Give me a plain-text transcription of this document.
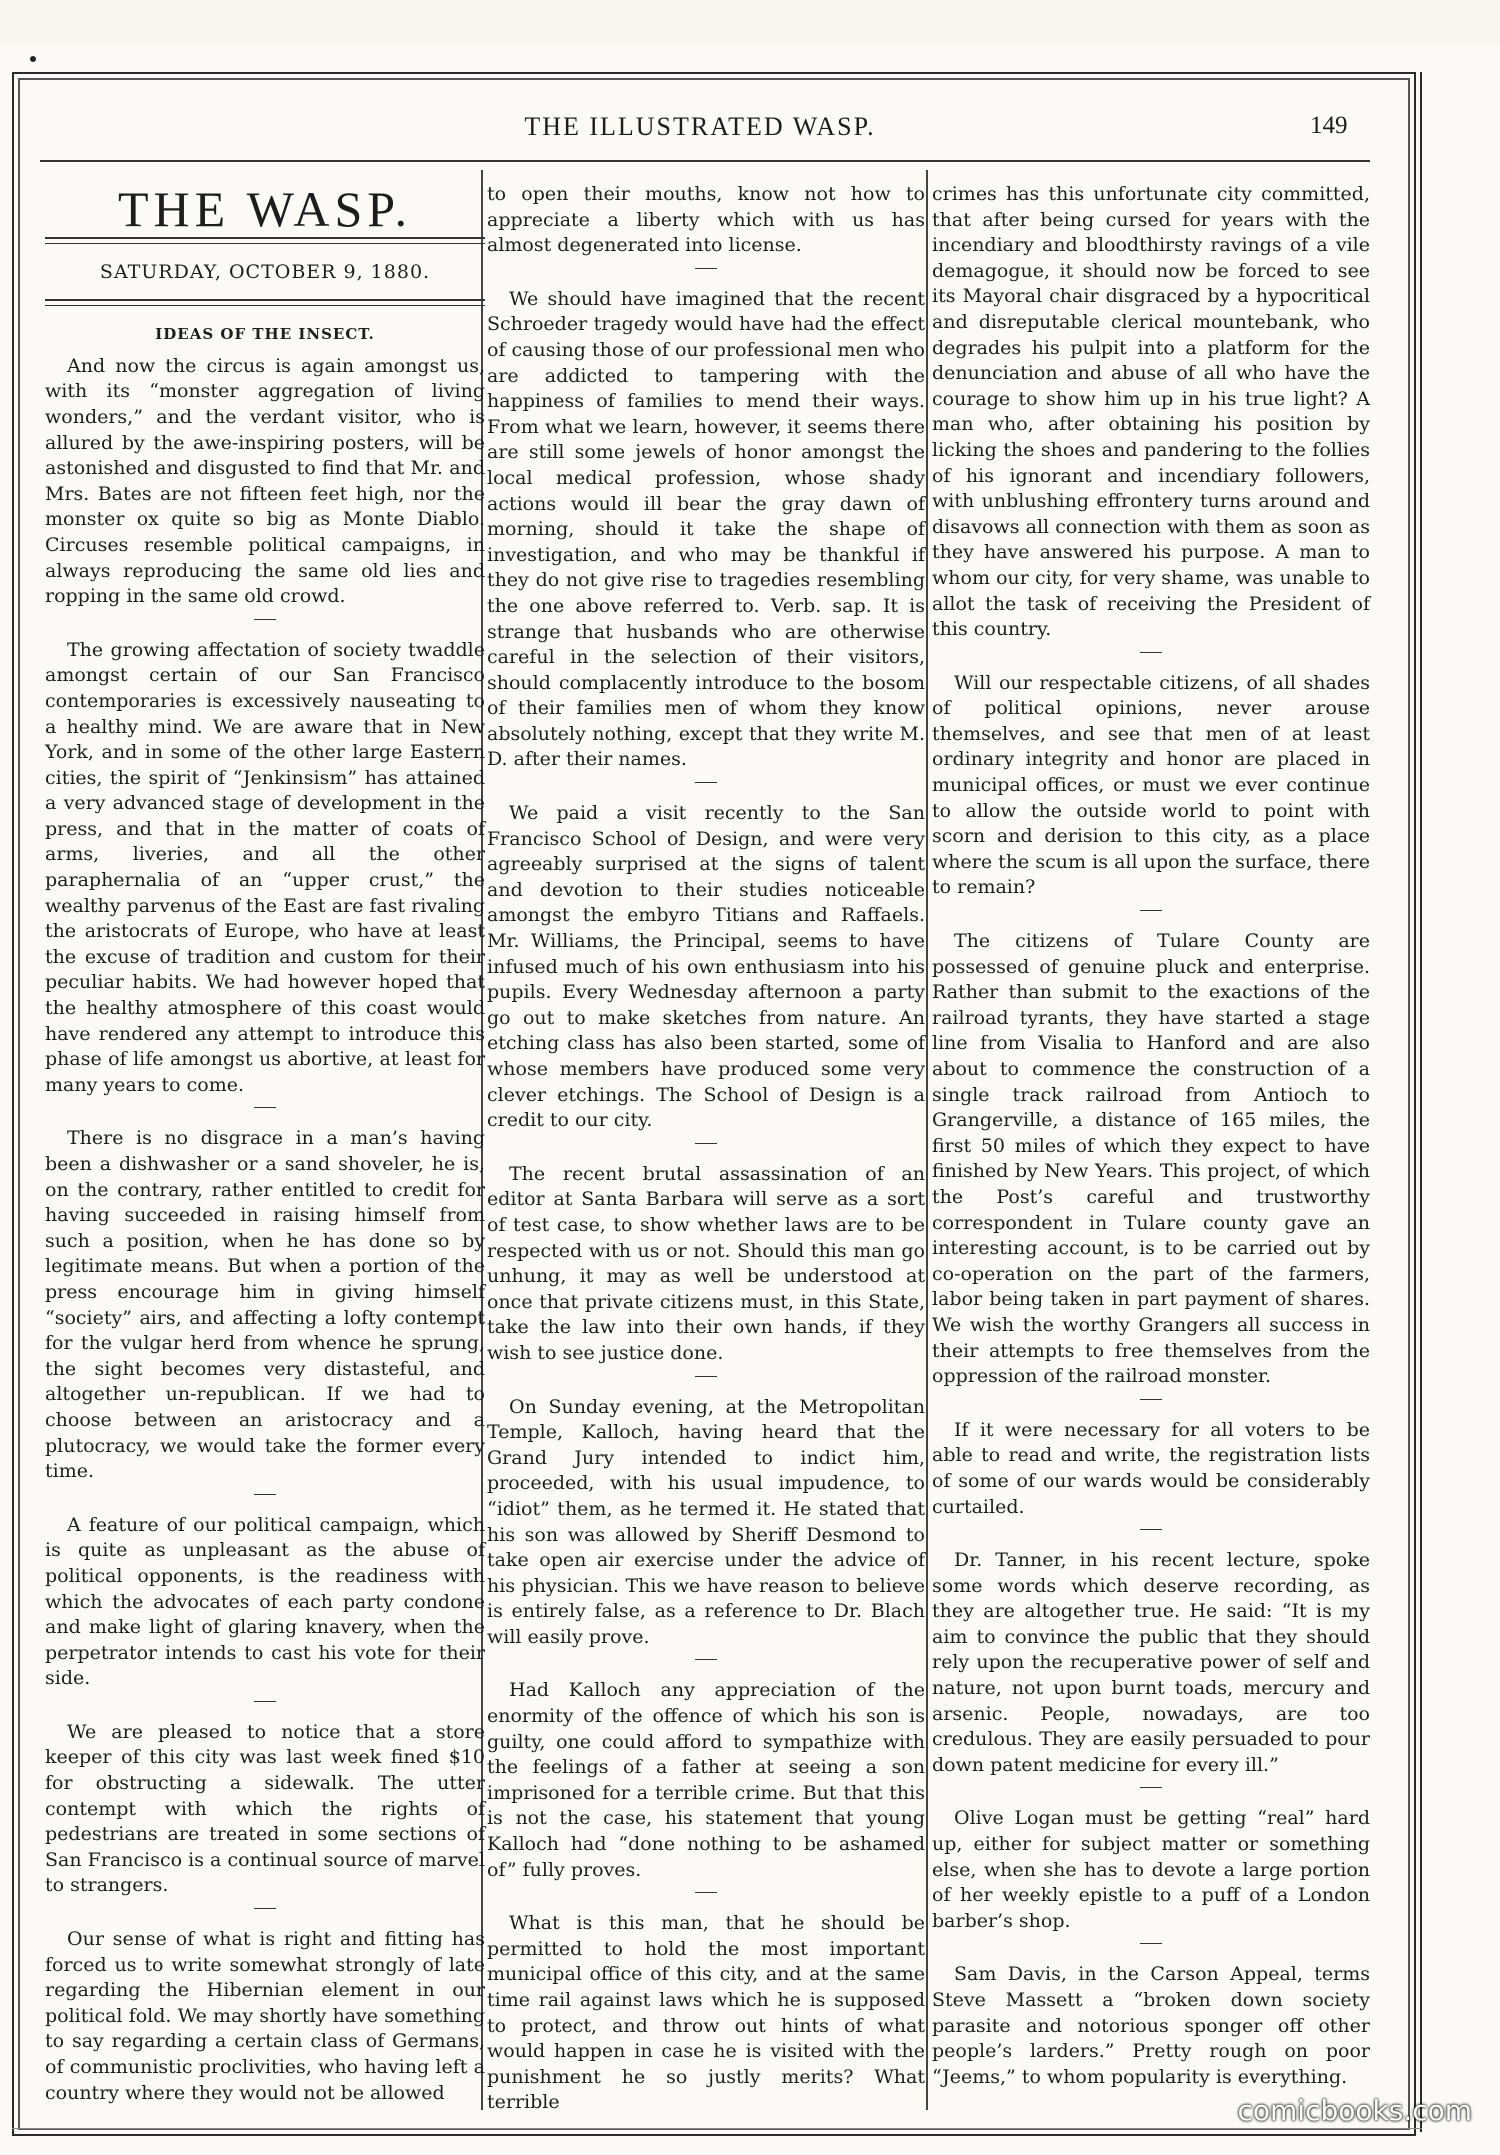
THE ILLUSTRATED WASP.	149
THE WASP.
SATURDAY, OCTOBER 9, 1880.
IDEAS OF THE INSECT.

And now the circus is again amongst us, with its “monster aggregation of living wonders,” and the verdant visitor, who is allured by the awe-inspiring posters, will be astonished and disgusted to find that Mr. and Mrs. Bates are not fifteen feet high, nor the monster ox quite so big as Monte Diablo. Circuses resemble political campaigns, in always reproducing the same old lies and ropping in the same old crowd.

The growing affectation of society twaddle amongst certain of our San Francisco contemporaries is excessively nauseating to a healthy mind. We are aware that in New York, and in some of the other large Eastern cities, the spirit of “Jenkinsism” has attained a very advanced stage of development in the press, and that in the matter of coats of arms, liveries, and all the other paraphernalia of an “upper crust,” the wealthy parvenus of the East are fast rivaling the aristocrats of Europe, who have at least the excuse of tradition and custom for their peculiar habits. We had however hoped that the healthy atmosphere of this coast would have rendered any attempt to introduce this phase of life amongst us abortive, at least for many years to come.

There is no disgrace in a man’s having been a dishwasher or a sand shoveler, he is, on the contrary, rather entitled to credit for having succeeded in raising himself from such a position, when he has done so by legitimate means. But when a portion of the press encourage him in giving himself “society” airs, and affecting a lofty contempt for the vulgar herd from whence he sprung, the sight becomes very distasteful, and altogether un-republican. If we had to choose between an aristocracy and a plutocracy, we would take the former every time.

A feature of our political campaign, which is quite as unpleasant as the abuse of political opponents, is the readiness with which the advocates of each party condone and make light of glaring knavery, when the perpetrator intends to cast his vote for their side.

We are pleased to notice that a store keeper of this city was last week fined $10 for obstructing a sidewalk. The utter contempt with which the rights of pedestrians are treated in some sections of San Francisco is a continual source of marvel to strangers.

Our sense of what is right and fitting has forced us to write somewhat strongly of late regarding the Hibernian element in our political fold. We may shortly have something to say regarding a certain class of Germans, of communistic proclivities, who having left a country where they would not be allowed

to open their mouths, know not how to appreciate a liberty which with us has almost degenerated into license.

We should have imagined that the recent Schroeder tragedy would have had the effect of causing those of our professional men who are addicted to tampering with the happiness of families to mend their ways. From what we learn, however, it seems there are still some jewels of honor amongst the local medical profession, whose shady actions would ill bear the gray dawn of morning, should it take the shape of investigation, and who may be thankful if they do not give rise to tragedies resembling the one above referred to. Verb. sap. It is strange that husbands who are otherwise careful in the selection of their visitors, should complacently introduce to the bosom of their families men of whom they know absolutely nothing, except that they write M. D. after their names.

We paid a visit recently to the San Francisco School of Design, and were very agreeably surprised at the signs of talent and devotion to their studies noticeable amongst the embyro Titians and Raffaels. Mr. Williams, the Principal, seems to have infused much of his own enthusiasm into his pupils. Every Wednesday afternoon a party go out to make sketches from nature. An etching class has also been started, some of whose members have produced some very clever etchings. The School of Design is a credit to our city.

The recent brutal assassination of an editor at Santa Barbara will serve as a sort of test case, to show whether laws are to be respected with us or not. Should this man go unhung, it may as well be understood at once that private citizens must, in this State, take the law into their own hands, if they wish to see justice done.

On Sunday evening, at the Metropolitan Temple, Kalloch, having heard that the Grand Jury intended to indict him, proceeded, with his usual impudence, to “idiot” them, as he termed it. He stated that his son was allowed by Sheriff Desmond to take open air exercise under the advice of his physician. This we have reason to believe is entirely false, as a reference to Dr. Blach will easily prove.

Had Kalloch any appreciation of the enormity of the offence of which his son is guilty, one could afford to sympathize with the feelings of a father at seeing a son imprisoned for a terrible crime. But that this is not the case, his statement that young Kalloch had “done nothing to be ashamed of” fully proves.

What is this man, that he should be permitted to hold the most important municipal office of this city, and at the same time rail against laws which he is supposed to protect, and throw out hints of what would happen in case he is visited with the punishment he so justly merits? What terrible

crimes has this unfortunate city committed, that after being cursed for years with the incendiary and bloodthirsty ravings of a vile demagogue, it should now be forced to see its Mayoral chair disgraced by a hypocritical and disreputable clerical mountebank, who degrades his pulpit into a platform for the denunciation and abuse of all who have the courage to show him up in his true light? A man who, after obtaining his position by licking the shoes and pandering to the follies of his ignorant and incendiary followers, with unblushing effrontery turns around and disavows all connection with them as soon as they have answered his purpose. A man to whom our city, for very shame, was unable to allot the task of receiving the President of this country.

Will our respectable citizens, of all shades of political opinions, never arouse themselves, and see that men of at least ordinary integrity and honor are placed in municipal offices, or must we ever continue to allow the outside world to point with scorn and derision to this city, as a place where the scum is all upon the surface, there to remain?

The citizens of Tulare County are possessed of genuine pluck and enterprise. Rather than submit to the exactions of the railroad tyrants, they have started a stage line from Visalia to Hanford and are also about to commence the construction of a single track railroad from Antioch to Grangerville, a distance of 165 miles, the first 50 miles of which they expect to have finished by New Years. This project, of which the Post’s careful and trustworthy correspondent in Tulare county gave an interesting account, is to be carried out by co-operation on the part of the farmers, labor being taken in part payment of shares. We wish the worthy Grangers all success in their attempts to free themselves from the oppression of the railroad monster.

If it were necessary for all voters to be able to read and write, the registration lists of some of our wards would be considerably curtailed.

Dr. Tanner, in his recent lecture, spoke some words which deserve recording, as they are altogether true. He said: “It is my aim to convince the public that they should rely upon the recuperative power of self and nature, not upon burnt toads, mercury and arsenic. People, nowadays, are too credulous. They are easily persuaded to pour down patent medicine for every ill.”

Olive Logan must be getting “real” hard up, either for subject matter or something else, when she has to devote a large portion of her weekly epistle to a puff of a London barber’s shop.

Sam Davis, in the Carson Appeal, terms Steve Massett a “broken down society parasite and notorious sponger off other people’s larders.” Pretty rough on poor “Jeems,” to whom popularity is everything.

comicbooks.com
